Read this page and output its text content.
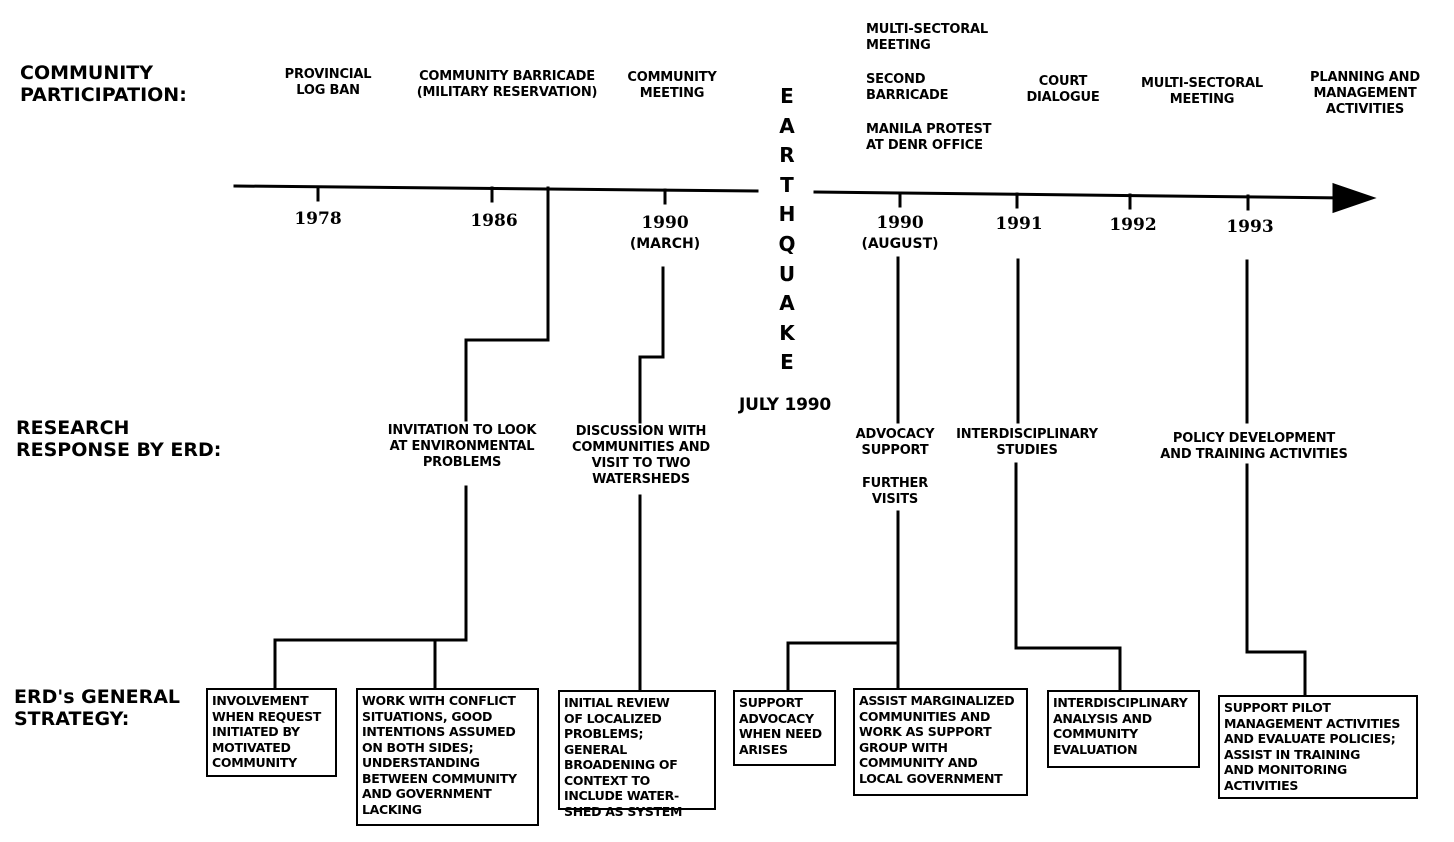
COMMUNITY
PARTICIPATION:
RESEARCH
RESPONSE BY ERD:
ERD's GENERAL
STRATEGY:
PROVINCIAL
LOG BAN
COMMUNITY BARRICADE
(MILITARY RESERVATION)
COMMUNITY
MEETING
MULTI-SECTORAL
MEETING
SECOND
BARRICADE
MANILA PROTEST
AT DENR OFFICE
COURT
DIALOGUE
MULTI-SECTORAL
MEETING
PLANNING AND
MANAGEMENT
ACTIVITIES
1978	1986	1990
(MARCH)
1990
(AUGUST)
1991	1992	1993
E
A
R
T
H
Q
U
A
K
E
JULY 1990
INVITATION TO LOOK
AT ENVIRONMENTAL
PROBLEMS
DISCUSSION WITH
COMMUNITIES AND
VISIT TO TWO
WATERSHEDS
ADVOCACY
SUPPORT
FURTHER
VISITS
INTERDISCIPLINARY
STUDIES
POLICY DEVELOPMENT
AND TRAINING ACTIVITIES
INVOLVEMENT
WHEN REQUEST
INITIATED BY
MOTIVATED
COMMUNITY
WORK WITH CONFLICT
SITUATIONS, GOOD
INTENTIONS ASSUMED
ON BOTH SIDES;
UNDERSTANDING
BETWEEN COMMUNITY
AND GOVERNMENT
LACKING
INITIAL REVIEW
OF LOCALIZED
PROBLEMS; GENERAL
BROADENING OF
CONTEXT TO
INCLUDE WATER-
SHED AS SYSTEM
SUPPORT
ADVOCACY
WHEN NEED
ARISES
ASSIST MARGINALIZED
COMMUNITIES AND
WORK AS SUPPORT
GROUP WITH
COMMUNITY AND
LOCAL GOVERNMENT
INTERDISCIPLINARY
ANALYSIS AND
COMMUNITY
EVALUATION
SUPPORT PILOT
MANAGEMENT ACTIVITIES
AND EVALUATE POLICIES;
ASSIST IN TRAINING
AND MONITORING
ACTIVITIES
